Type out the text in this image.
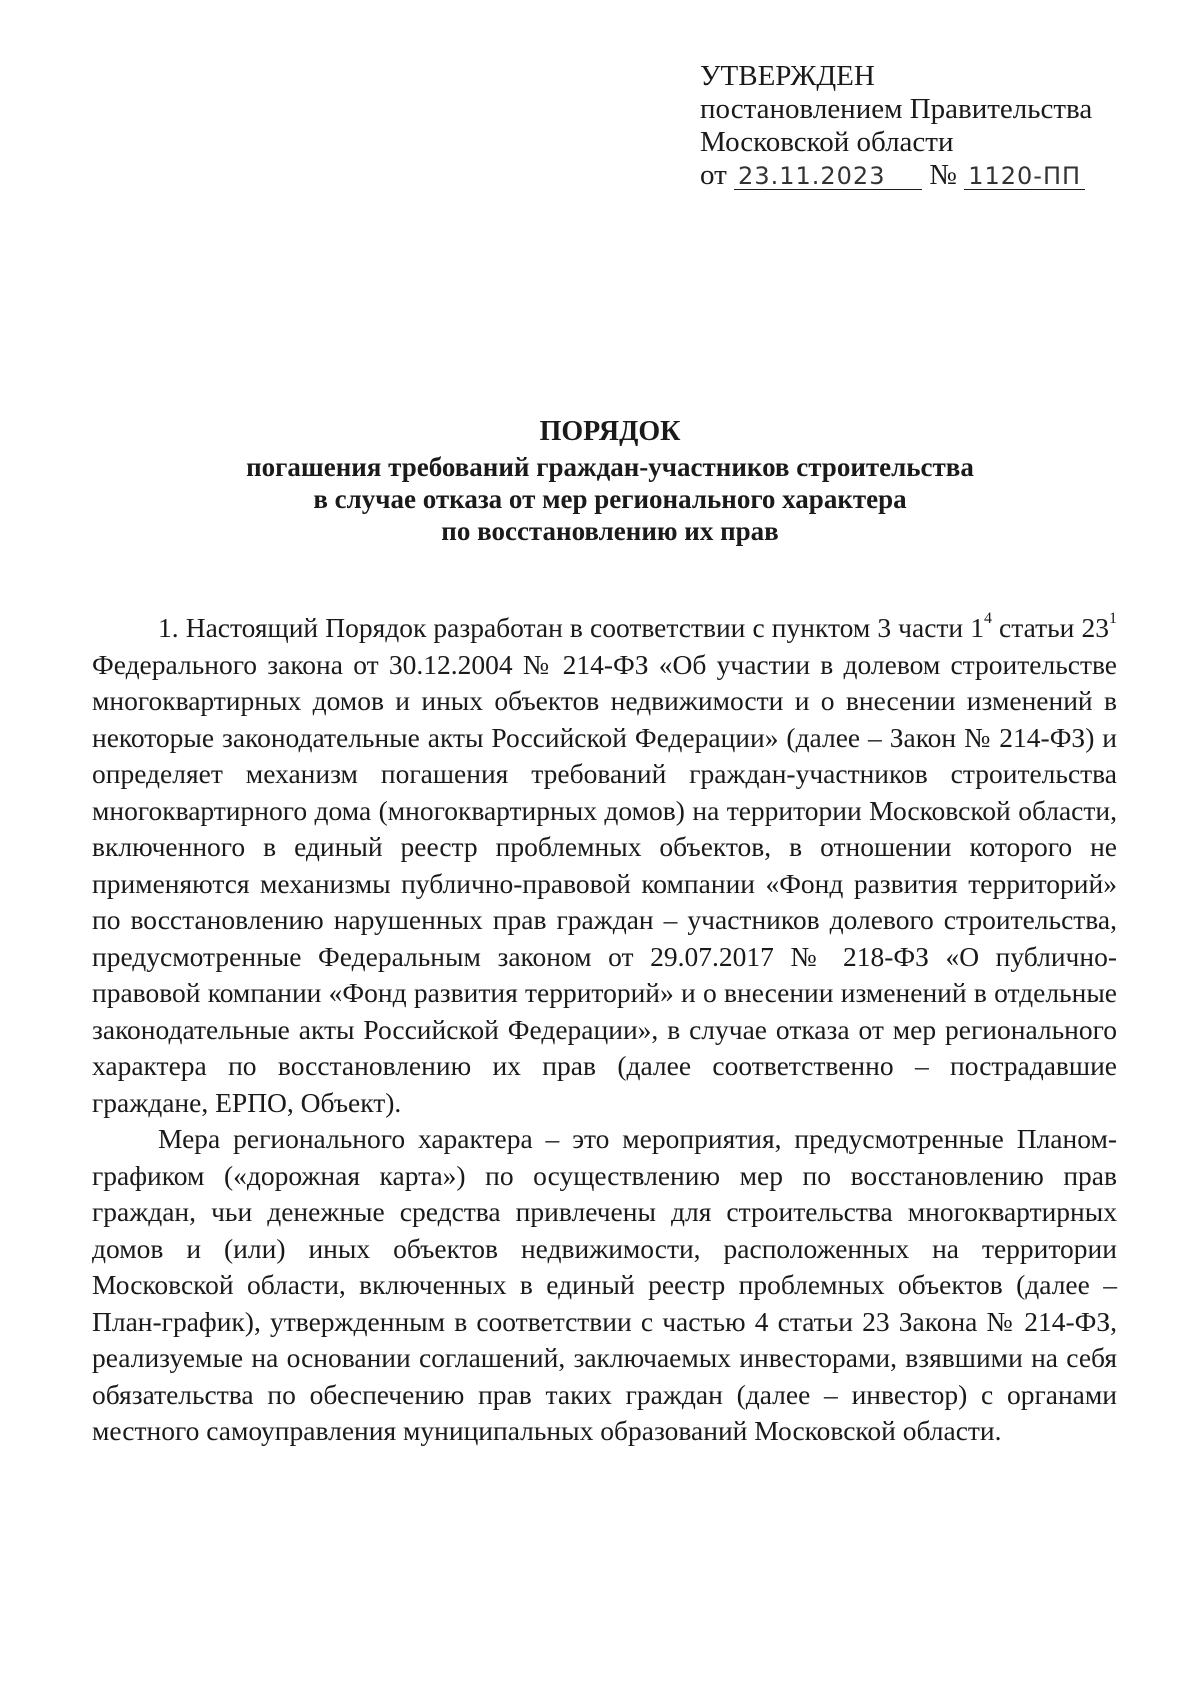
УТВЕРЖДЕН
постановлением Правительства
Московской области
от 23.11.2023 № 1120-ПП
ПОРЯДОК
погашения требований граждан-участников строительства
в случае отказа от мер регионального характера
по восстановлению их прав

1. Настоящий Порядок разработан в соответствии с пунктом 3 части $1^4$ статьи $23^1$ Федерального закона от 30.12.2004 № 214-ФЗ «Об участии в долевом строительстве многоквартирных домов и иных объектов недвижимости и о внесении изменений в некоторые законодательные акты Российской Федерации» (далее – Закон № 214-ФЗ) и определяет механизм погашения требований граждан-участников строительства многоквартирного дома (многоквартирных домов) на территории Московской области, включенного в единый реестр проблемных объектов, в отношении которого не применяются механизмы публично-правовой компании «Фонд развития территорий» по восстановлению нарушенных прав граждан – участников долевого строительства, предусмотренные Федеральным законом от 29.07.2017 № 218-ФЗ «О публично-правовой компании «Фонд развития территорий» и о внесении изменений в отдельные законодательные акты Российской Федерации», в случае отказа от мер регионального характера по восстановлению их прав (далее соответственно – пострадавшие граждане, ЕРПО, Объект).

Мера регионального характера – это мероприятия, предусмотренные Планом-графиком («дорожная карта») по осуществлению мер по восстановлению прав граждан, чьи денежные средства привлечены для строительства многоквартирных домов и (или) иных объектов недвижимости, расположенных на территории Московской области, включенных в единый реестр проблемных объектов (далее – План-график), утвержденным в соответствии с частью 4 статьи 23 Закона № 214-ФЗ, реализуемые на основании соглашений, заключаемых инвесторами, взявшими на себя обязательства по обеспечению прав таких граждан (далее – инвестор) с органами местного самоуправления муниципальных образований Московской области.
